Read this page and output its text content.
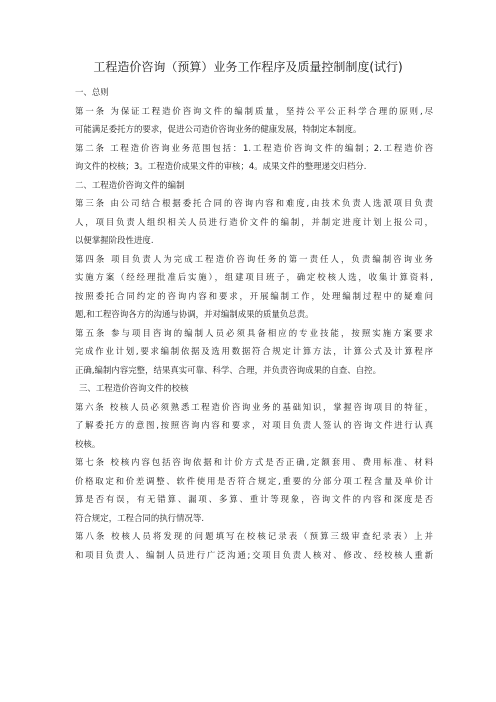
工程造价咨询（预算）业务工作程序及质量控制制度(试行)
一、总则
第一条 为保证工程造价咨询文件的编制质量，坚持公平公正科学合理的原则,尽
可能满足委托方的要求，促进公司造价咨询业务的健康发展，特制定本制度。
第二条 工程造价咨询业务范围包括：1.工程造价咨询文件的编制；2.工程造价咨
询文件的校核；3。工程造价成果文件的审核；4。成果文件的整理递交归档分.
二、工程造价咨询文件的编制
第三条 由公司结合根据委托合同的咨询内容和难度,由技术负责人选派项目负责
人，项目负责人组织相关人员进行造价文件的编制，并制定进度计划上报公司，
以便掌握阶段性进度.
第四条 项目负责人为完成工程造价咨询任务的第一责任人，负责编制咨询业务
实施方案（经经理批准后实施），组建项目班子，确定校核人选，收集计算资料,
按照委托合同约定的咨询内容和要求，开展编制工作，处理编制过程中的疑难问
题,和工程咨询各方的沟通与协调，并对编制成果的质量负总责。
第五条 参与项目咨询的编制人员必须具备相应的专业技能，按照实施方案要求
完成作业计划,要求编制依据及选用数据符合规定计算方法，计算公式及计算程序
正确,编制内容完整，结果真实可靠、科学、合理，并负责咨询成果的自查、自控。
三、工程造价咨询文件的校核
第六条 校核人员必须熟悉工程造价咨询业务的基础知识，掌握咨询项目的特征，
了解委托方的意图,按照咨询内容和要求，对项目负责人签认的咨询文件进行认真
校核。
第七条 校核内容包括咨询依据和计价方式是否正确,定额套用、费用标准、材料
价格取定和价差调整、软件使用是否符合规定,重要的分部分项工程含量及单价计
算是否有误，有无错算、漏项、多算、重计等现象，咨询文件的内容和深度是否
符合规定，工程合同的执行情况等.
第八条 校核人员将发现的问题填写在校核记录表（预算三级审查纪录表）上并
和项目负责人、编制人员进行广泛沟通;交项目负责人核对、修改、经校核人重新
